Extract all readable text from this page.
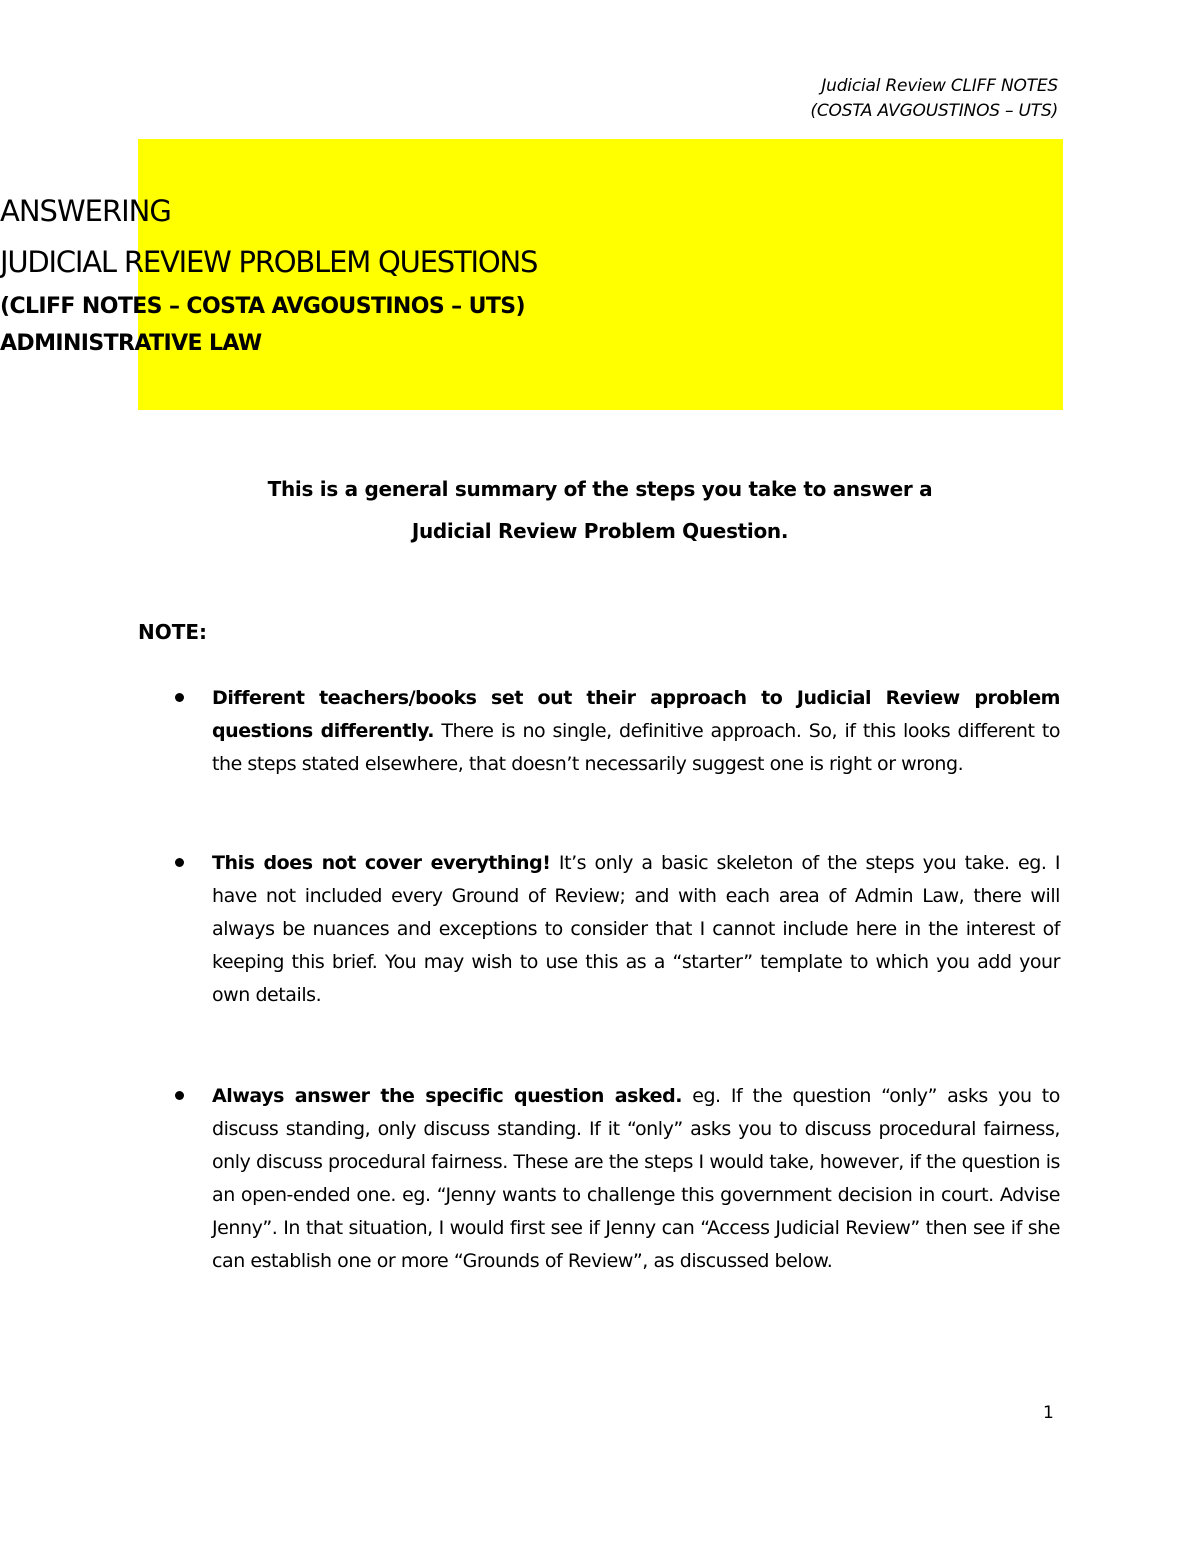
Judicial Review CLIFF NOTES
(COSTA AVGOUSTINOS – UTS)
ANSWERING
JUDICIAL REVIEW PROBLEM QUESTIONS
(CLIFF NOTES – COSTA AVGOUSTINOS – UTS)
ADMINISTRATIVE LAW
This is a general summary of the steps you take to answer a
Judicial Review Problem Question.
NOTE:
Different teachers/books set out their approach to Judicial Review problem questions differently. There is no single, definitive approach. So, if this looks different to the steps stated elsewhere, that doesn’t necessarily suggest one is right or wrong.
This does not cover everything! It’s only a basic skeleton of the steps you take. eg. I have not included every Ground of Review; and with each area of Admin Law, there will always be nuances and exceptions to consider that I cannot include here in the interest of keeping this brief. You may wish to use this as a “starter” template to which you add your own details.
Always answer the specific question asked. eg. If the question “only” asks you to discuss standing, only discuss standing. If it “only” asks you to discuss procedural fairness, only discuss procedural fairness. These are the steps I would take, however, if the question is an open-ended one. eg. “Jenny wants to challenge this government decision in court. Advise Jenny”. In that situation, I would first see if Jenny can “Access Judicial Review” then see if she can establish one or more “Grounds of Review”, as discussed below.
1
